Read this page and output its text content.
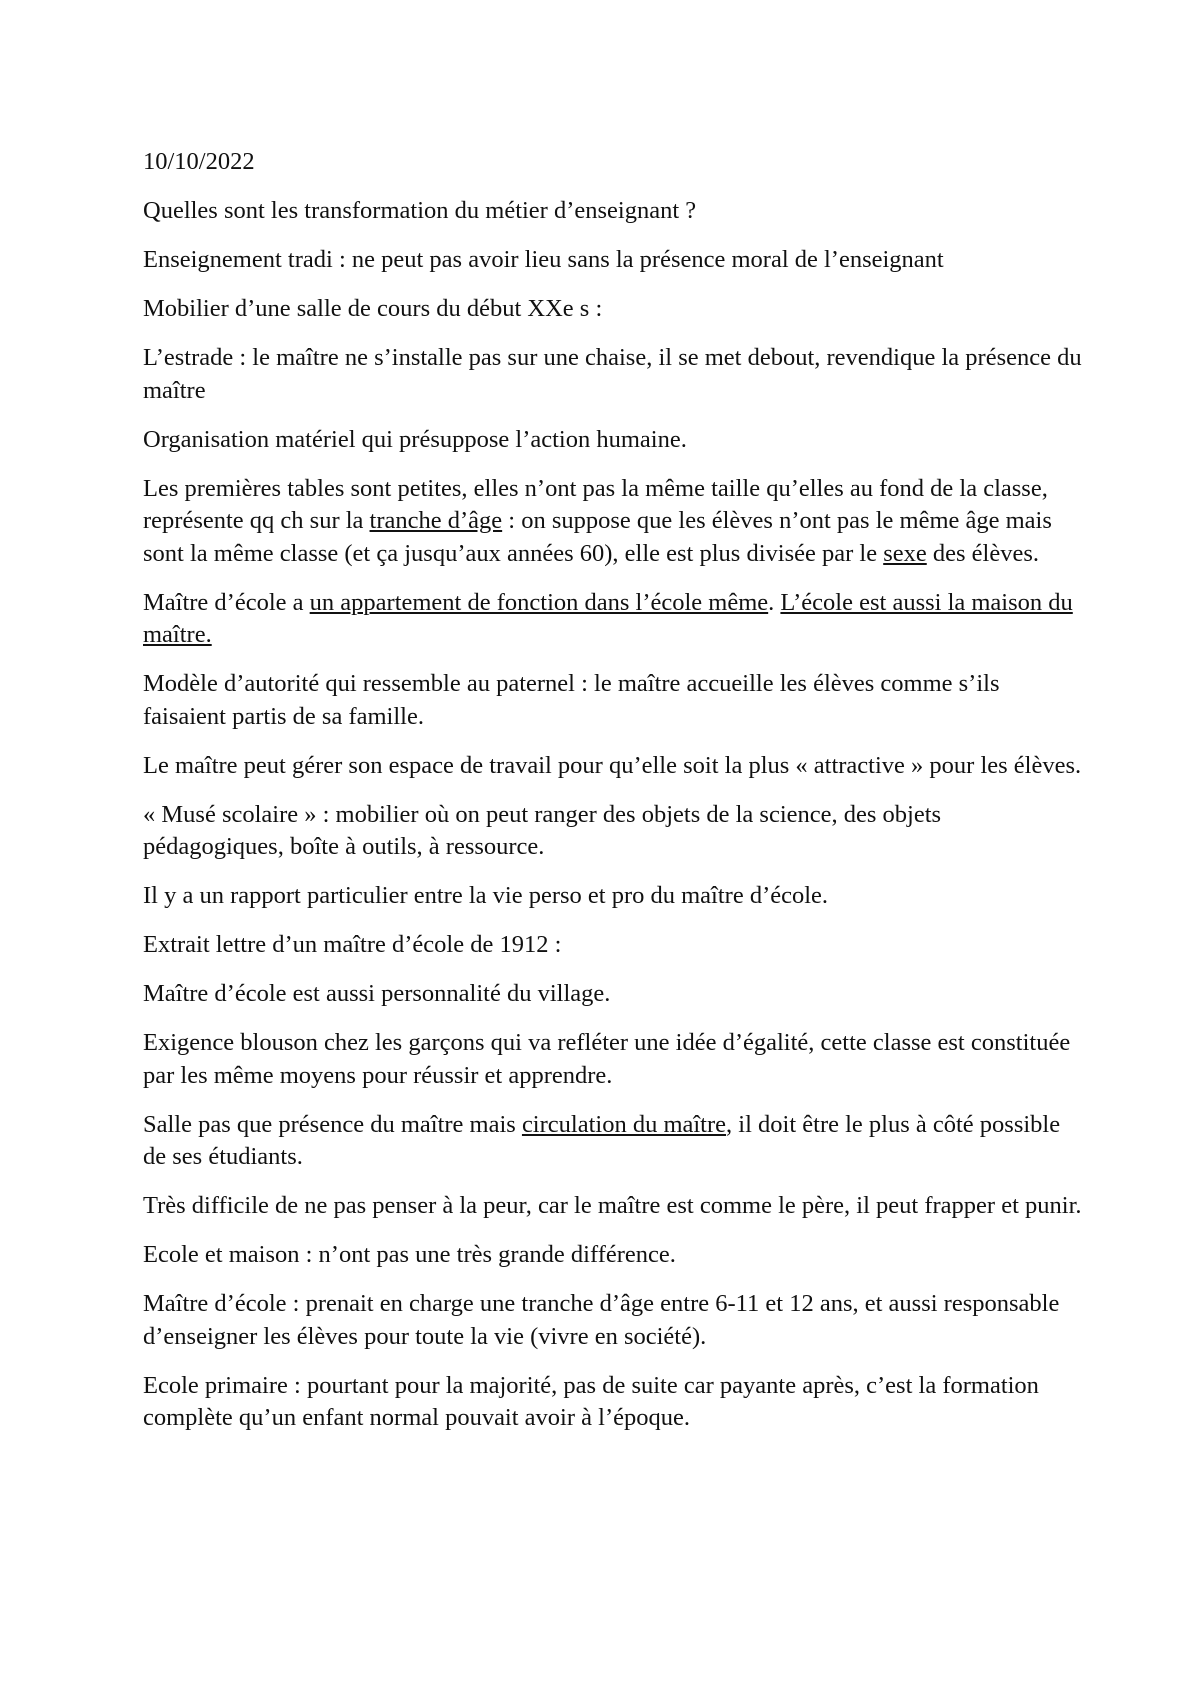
10/10/2022

Quelles sont les transformation du métier d’enseignant ?

Enseignement tradi : ne peut pas avoir lieu sans la présence moral de l’enseignant

Mobilier d’une salle de cours du début XXe s :

L’estrade : le maître ne s’installe pas sur une chaise, il se met debout, revendique la présence du maître

Organisation matériel qui présuppose l’action humaine.

Les premières tables sont petites, elles n’ont pas la même taille qu’elles au fond de la classe, représente qq ch sur la tranche d’âge : on suppose que les élèves n’ont pas le même âge mais sont la même classe (et ça jusqu’aux années 60), elle est plus divisée par le sexe des élèves.

Maître d’école a un appartement de fonction dans l’école même. L’école est aussi la maison du maître.

Modèle d’autorité qui ressemble au paternel : le maître accueille les élèves comme s’ils faisaient partis de sa famille.

Le maître peut gérer son espace de travail pour qu’elle soit la plus « attractive » pour les élèves.

« Musé scolaire » : mobilier où on peut ranger des objets de la science, des objets pédagogiques, boîte à outils, à ressource.

Il y a un rapport particulier entre la vie perso et pro du maître d’école.

Extrait lettre d’un maître d’école de 1912 :

Maître d’école est aussi personnalité du village.

Exigence blouson chez les garçons qui va refléter une idée d’égalité, cette classe est constituée par les même moyens pour réussir et apprendre.

Salle pas que présence du maître mais circulation du maître, il doit être le plus à côté possible de ses étudiants.

Très difficile de ne pas penser à la peur, car le maître est comme le père, il peut frapper et punir.

Ecole et maison : n’ont pas une très grande différence.

Maître d’école : prenait en charge une tranche d’âge entre 6-11 et 12 ans, et aussi responsable d’enseigner les élèves pour toute la vie (vivre en société).

Ecole primaire : pourtant pour la majorité, pas de suite car payante après, c’est la formation complète qu’un enfant normal pouvait avoir à l’époque.
